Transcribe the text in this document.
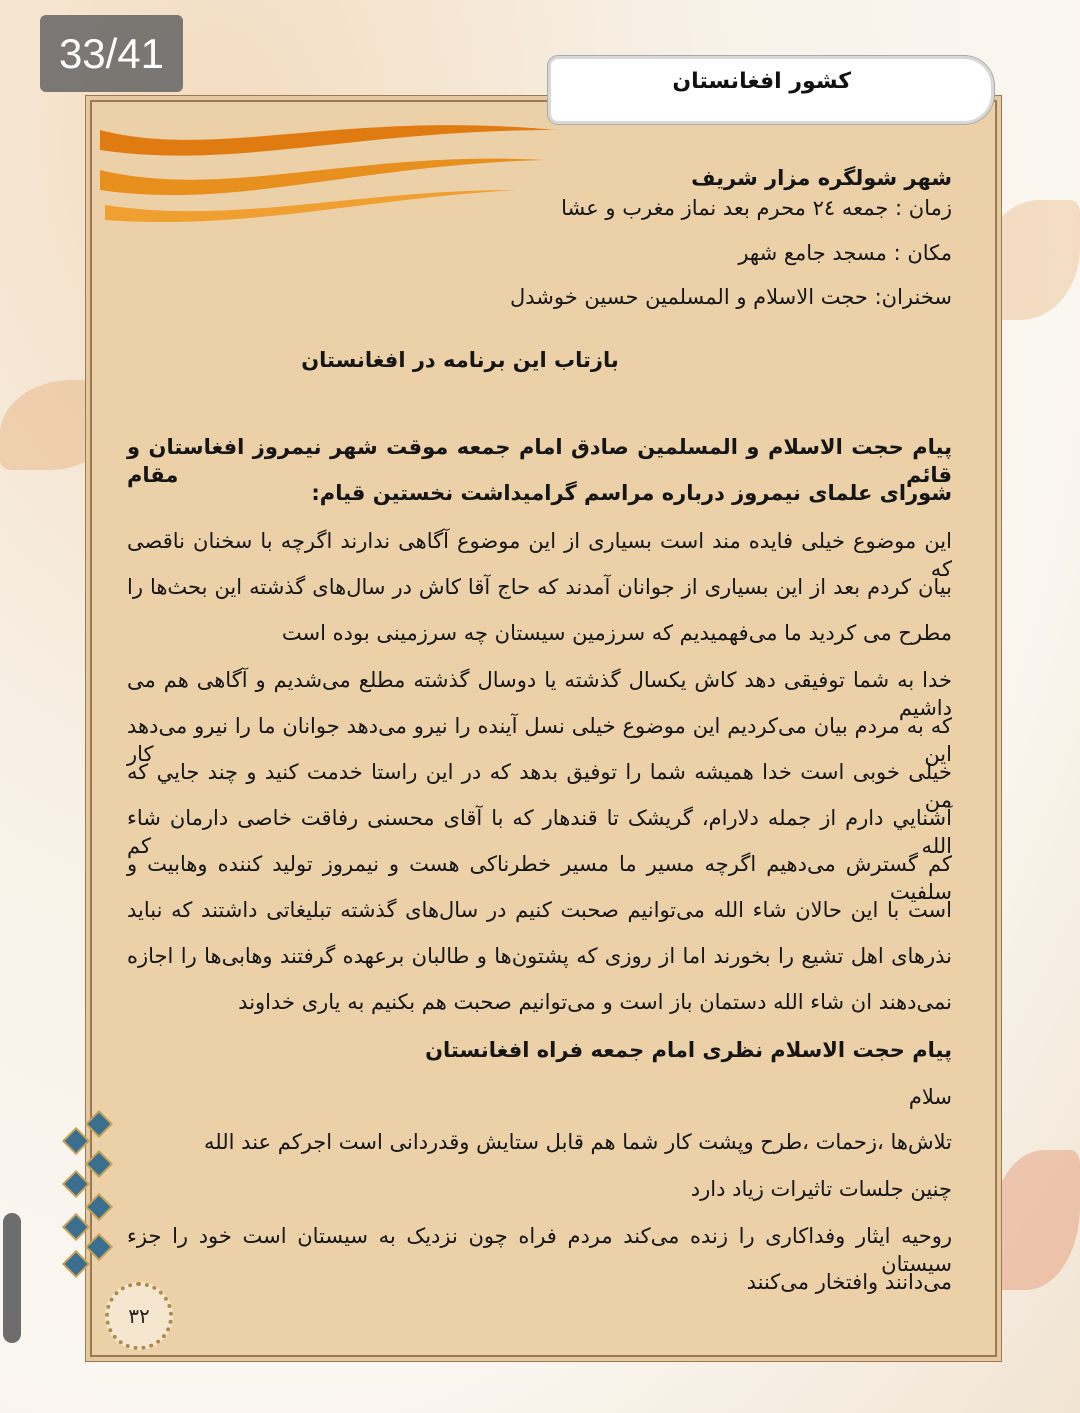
کشور افغانستان
۳۲
شهر شولگره مزار شریف
زمان : جمعه ۲٤ محرم بعد نماز مغرب و عشا
مکان : مسجد جامع شهر
سخنران: حجت الاسلام و المسلمین حسین خوشدل
بازتاب این برنامه در افغانستان
پیام حجت الاسلام و المسلمین صادق امام جمعه موقت شهر نیمروز افغاستان و قائم مقام
شورای علمای نیمروز درباره مراسم گرامیداشت نخستین قیام:
این موضوع خیلی فایده مند است بسیاری از این موضوع آگاهی ندارند اگرچه با سخنان ناقصی که
بیان کردم بعد از این بسیاری از جوانان آمدند که حاج آقا کاش در سال‌های گذشته این بحث‌ها را
مطرح می کردید ما می‌فهمیدیم که سرزمین سیستان چه سرزمینی بوده است
خدا به شما توفیقی دهد کاش یکسال گذشته یا دوسال گذشته مطلع می‌شدیم و آگاهی هم می داشیم
که به مردم بیان می‌کردیم این موضوع خیلی نسل آینده را نیرو می‌دهد جوانان ما را نیرو می‌دهد این کار
خیلی خوبی است خدا همیشه شما را توفیق بدهد که در این راستا خدمت کنید و چند جایي که من
آشنايي دارم از جمله دلارام، گریشک تا قندهار که با آقای محسنی رفاقت خاصی دارمان شاء الله کم
کم گسترش می‌دهیم اگرچه مسیر ما مسیر خطرناکی هست و نیمروز تولید کننده وهابیت و سلفیت
است با این حالان شاء الله می‌توانیم صحبت کنیم در سال‌های گذشته تبلیغاتی داشتند که نباید
نذرهای اهل تشیع را بخورند اما از روزی که پشتون‌ها و طالبان برعهده گرفتند وهابی‌ها را اجازه
نمی‌دهند ان شاء الله دستمان باز است و می‌توانیم صحبت هم بکنیم به یاری خداوند
پیام حجت الاسلام نظری امام جمعه فراه افغانستان
سلام
تلاش‌ها ،زحمات ،طرح وپشت کار شما هم قابل ستایش وقدردانی است اجرکم عند الله
چنین جلسات تاثیرات زیاد دارد
روحیه ایثار وفداکاری را زنده می‌کند مردم فراه چون نزدیک به سیستان است خود را جزء سیستان
می‌دانند وافتخار می‌کنند
33/41
